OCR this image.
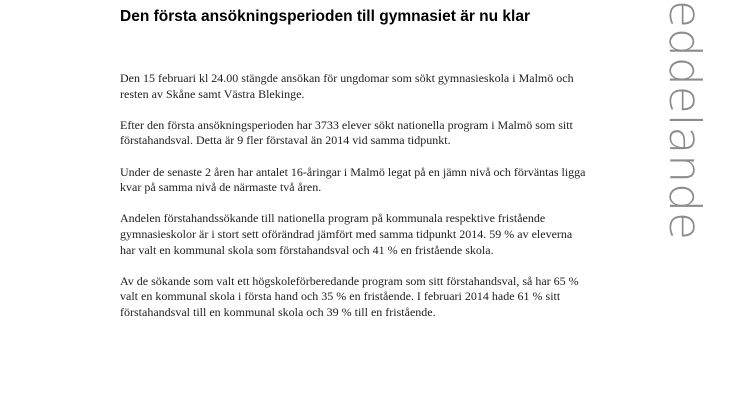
Den första ansökningsperioden till gymnasiet är nu klar

Den 15 februari kl 24.00 stängde ansökan för ungdomar som sökt gymnasieskola i Malmö och resten av Skåne samt Västra Blekinge.

Efter den första ansökningsperioden har 3733 elever sökt nationella program i Malmö som sitt förstahandsval. Detta är 9 fler förstaval än 2014 vid samma tidpunkt.

Under de senaste 2 åren har antalet 16-åringar i Malmö legat på en jämn nivå och förväntas ligga kvar på samma nivå de närmaste två åren.

Andelen förstahandssökande till nationella program på kommunala respektive fristående gymnasieskolor är i stort sett oförändrad jämfört med samma tidpunkt 2014. 59 % av eleverna har valt en kommunal skola som förstahandsval och 41 % en fristående skola.

Av de sökande som valt ett högskoleförberedande program som sitt förstahandsval, så har 65 % valt en kommunal skola i första hand och 35 % en fristående. I februari 2014 hade 61 % sitt förstahandsval till en kommunal skola och 39 % till en fristående.

eddelande
